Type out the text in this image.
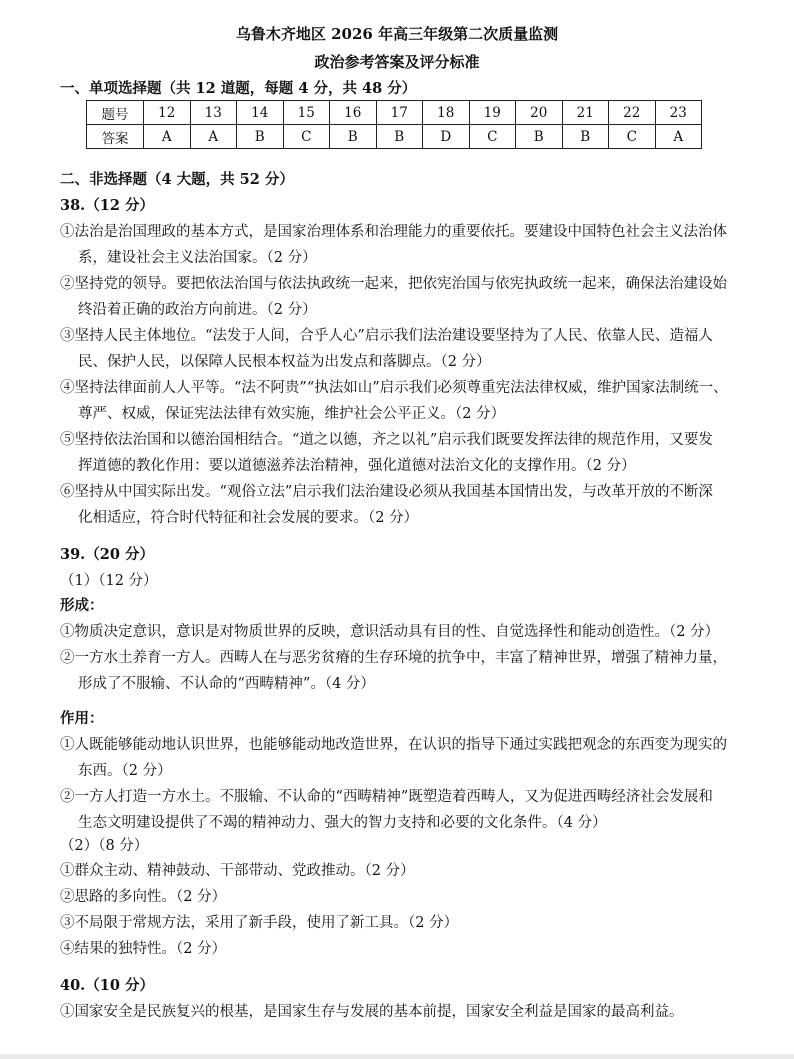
乌鲁木齐地区 2026 年高三年级第二次质量监测
政治参考答案及评分标准
一、单项选择题（共 12 道题，每题 4 分，共 48 分）
题号	12	13	14	15	16	17	18	19	20	21	22	23
答案	A	A	B	C	B	B	D	C	B	B	C	A
二、非选择题（4 大题，共 52 分）
38.（12 分）
①法治是治国理政的基本方式，是国家治理体系和治理能力的重要依托。要建设中国特色社会主义法治体
系，建设社会主义法治国家。（2 分）
②坚持党的领导。要把依法治国与依法执政统一起来，把依宪治国与依宪执政统一起来，确保法治建设始
终沿着正确的政治方向前进。（2 分）
③坚持人民主体地位。“法发于人间，合乎人心”启示我们法治建设要坚持为了人民、依靠人民、造福人
民、保护人民，以保障人民根本权益为出发点和落脚点。（2 分）
④坚持法律面前人人平等。“法不阿贵”“执法如山”启示我们必须尊重宪法法律权威，维护国家法制统一、
尊严、权威，保证宪法法律有效实施，维护社会公平正义。（2 分）
⑤坚持依法治国和以德治国相结合。“道之以德，齐之以礼”启示我们既要发挥法律的规范作用，又要发
挥道德的教化作用：要以道德滋养法治精神，强化道德对法治文化的支撑作用。（2 分）
⑥坚持从中国实际出发。“观俗立法”启示我们法治建设必须从我国基本国情出发，与改革开放的不断深
化相适应，符合时代特征和社会发展的要求。（2 分）
39.（20 分）
（1）（12 分）
形成：
①物质决定意识，意识是对物质世界的反映，意识活动具有目的性、自觉选择性和能动创造性。（2 分）
②一方水土养育一方人。西畴人在与恶劣贫瘠的生存环境的抗争中，丰富了精神世界，增强了精神力量，
形成了不服输、不认命的“西畴精神”。（4 分）
作用：
①人既能够能动地认识世界，也能够能动地改造世界，在认识的指导下通过实践把观念的东西变为现实的
东西。（2 分）
②一方人打造一方水土。不服输、不认命的“西畴精神”既塑造着西畴人，又为促进西畴经济社会发展和
生态文明建设提供了不竭的精神动力、强大的智力支持和必要的文化条件。（4 分）
（2）（8 分）
①群众主动、精神鼓动、干部带动、党政推动。（2 分）
②思路的多向性。（2 分）
③不局限于常规方法，采用了新手段，使用了新工具。（2 分）
④结果的独特性。（2 分）
40.（10 分）
①国家安全是民族复兴的根基，是国家生存与发展的基本前提，国家安全利益是国家的最高利益。
